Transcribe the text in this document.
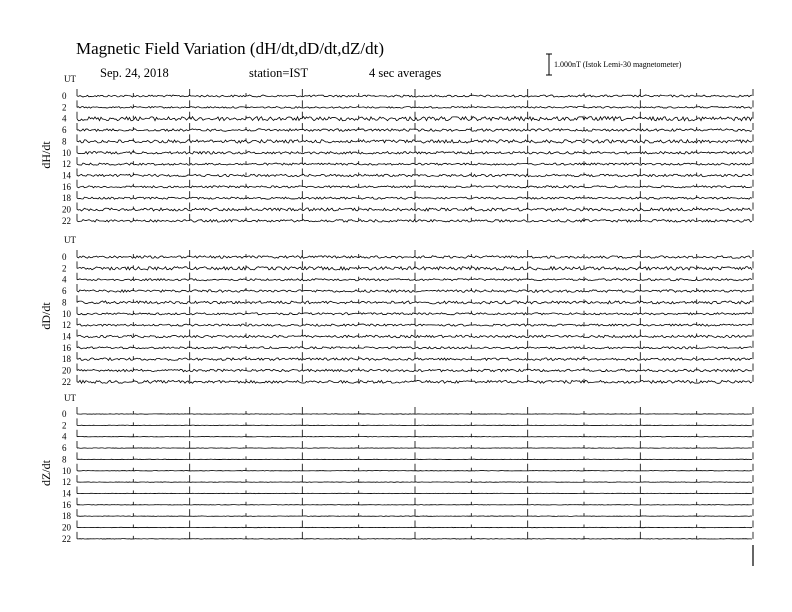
Magnetic Field Variation (dH/dt,dD/dt,dZ/dt)
Sep. 24, 2018	station=IST	4 sec averages
1.000nT (Istok Lemi-30 magnetometer)
UT
dH/dt
0
2
4
6
8
10
12
14
16
18
20
22
UT
dD/dt
0
2
4
6
8
10
12
14
16
18
20
22
UT
dZ/dt
0
2
4
6
8
10
12
14
16
18
20
22
